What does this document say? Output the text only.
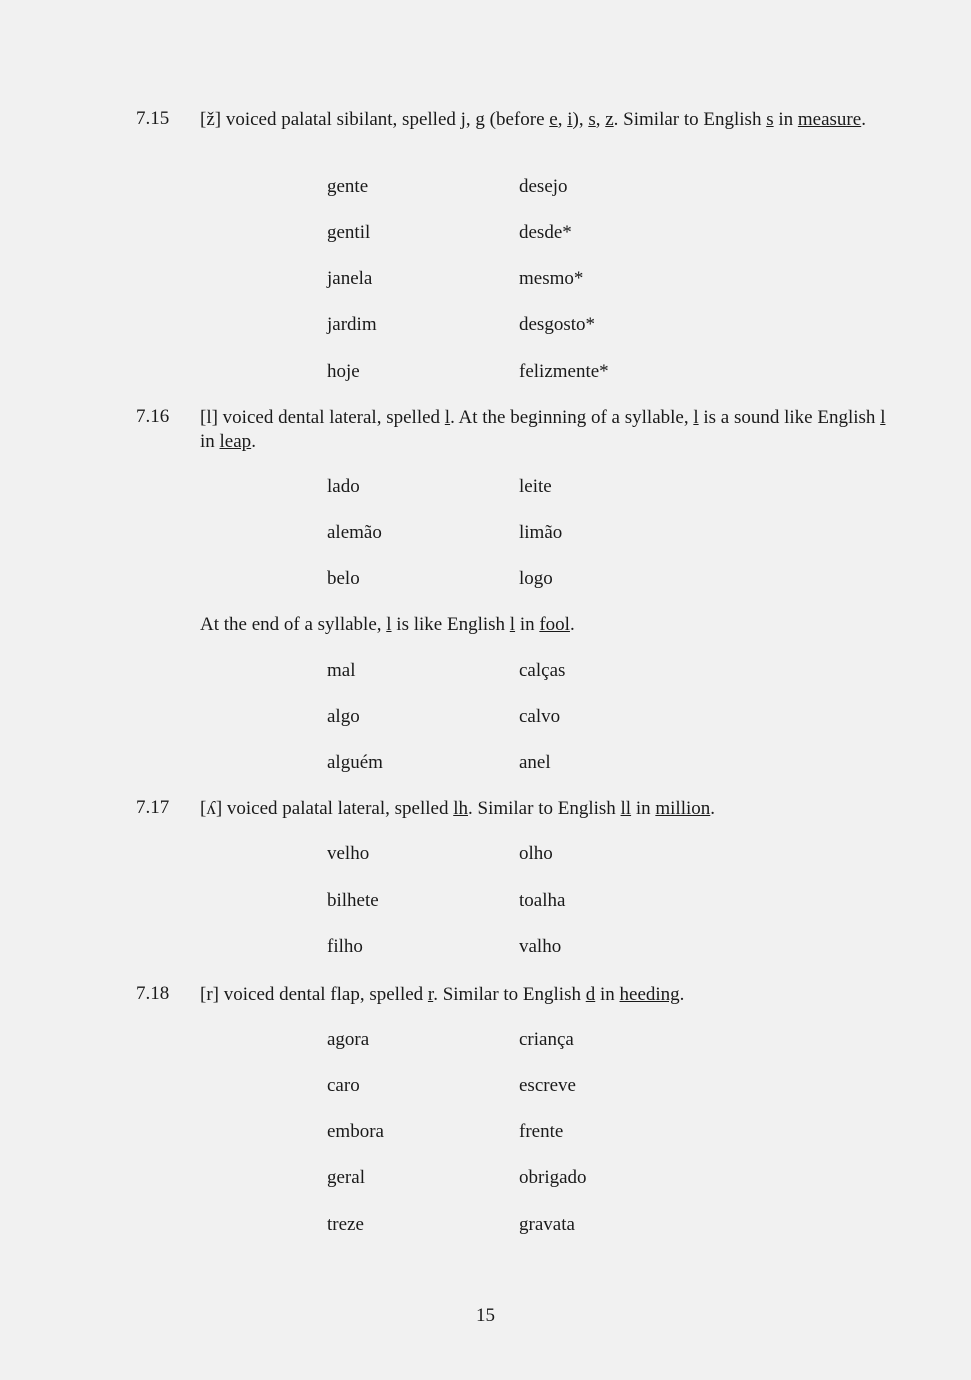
7.15 [ž] voiced palatal sibilant, spelled j, g (before e, i), s, z. Similar to English s in measure.
gente	desejo
gentil	desde*
janela	mesmo*
jardim	desgosto*
hoje	felizmente*
7.16 [l] voiced dental lateral, spelled l. At the beginning of a syllable, l is a sound like English l in leap.
lado	leite
alemão	limão
belo	logo
At the end of a syllable, l is like English l in fool.
mal	calças
algo	calvo
alguém	anel
7.17 [ʎ] voiced palatal lateral, spelled lh. Similar to English ll in million.
velho	olho
bilhete	toalha
filho	valho
7.18 [r] voiced dental flap, spelled r. Similar to English d in heeding.
agora	criança
caro	escreve
embora	frente
geral	obrigado
treze	gravata
15
